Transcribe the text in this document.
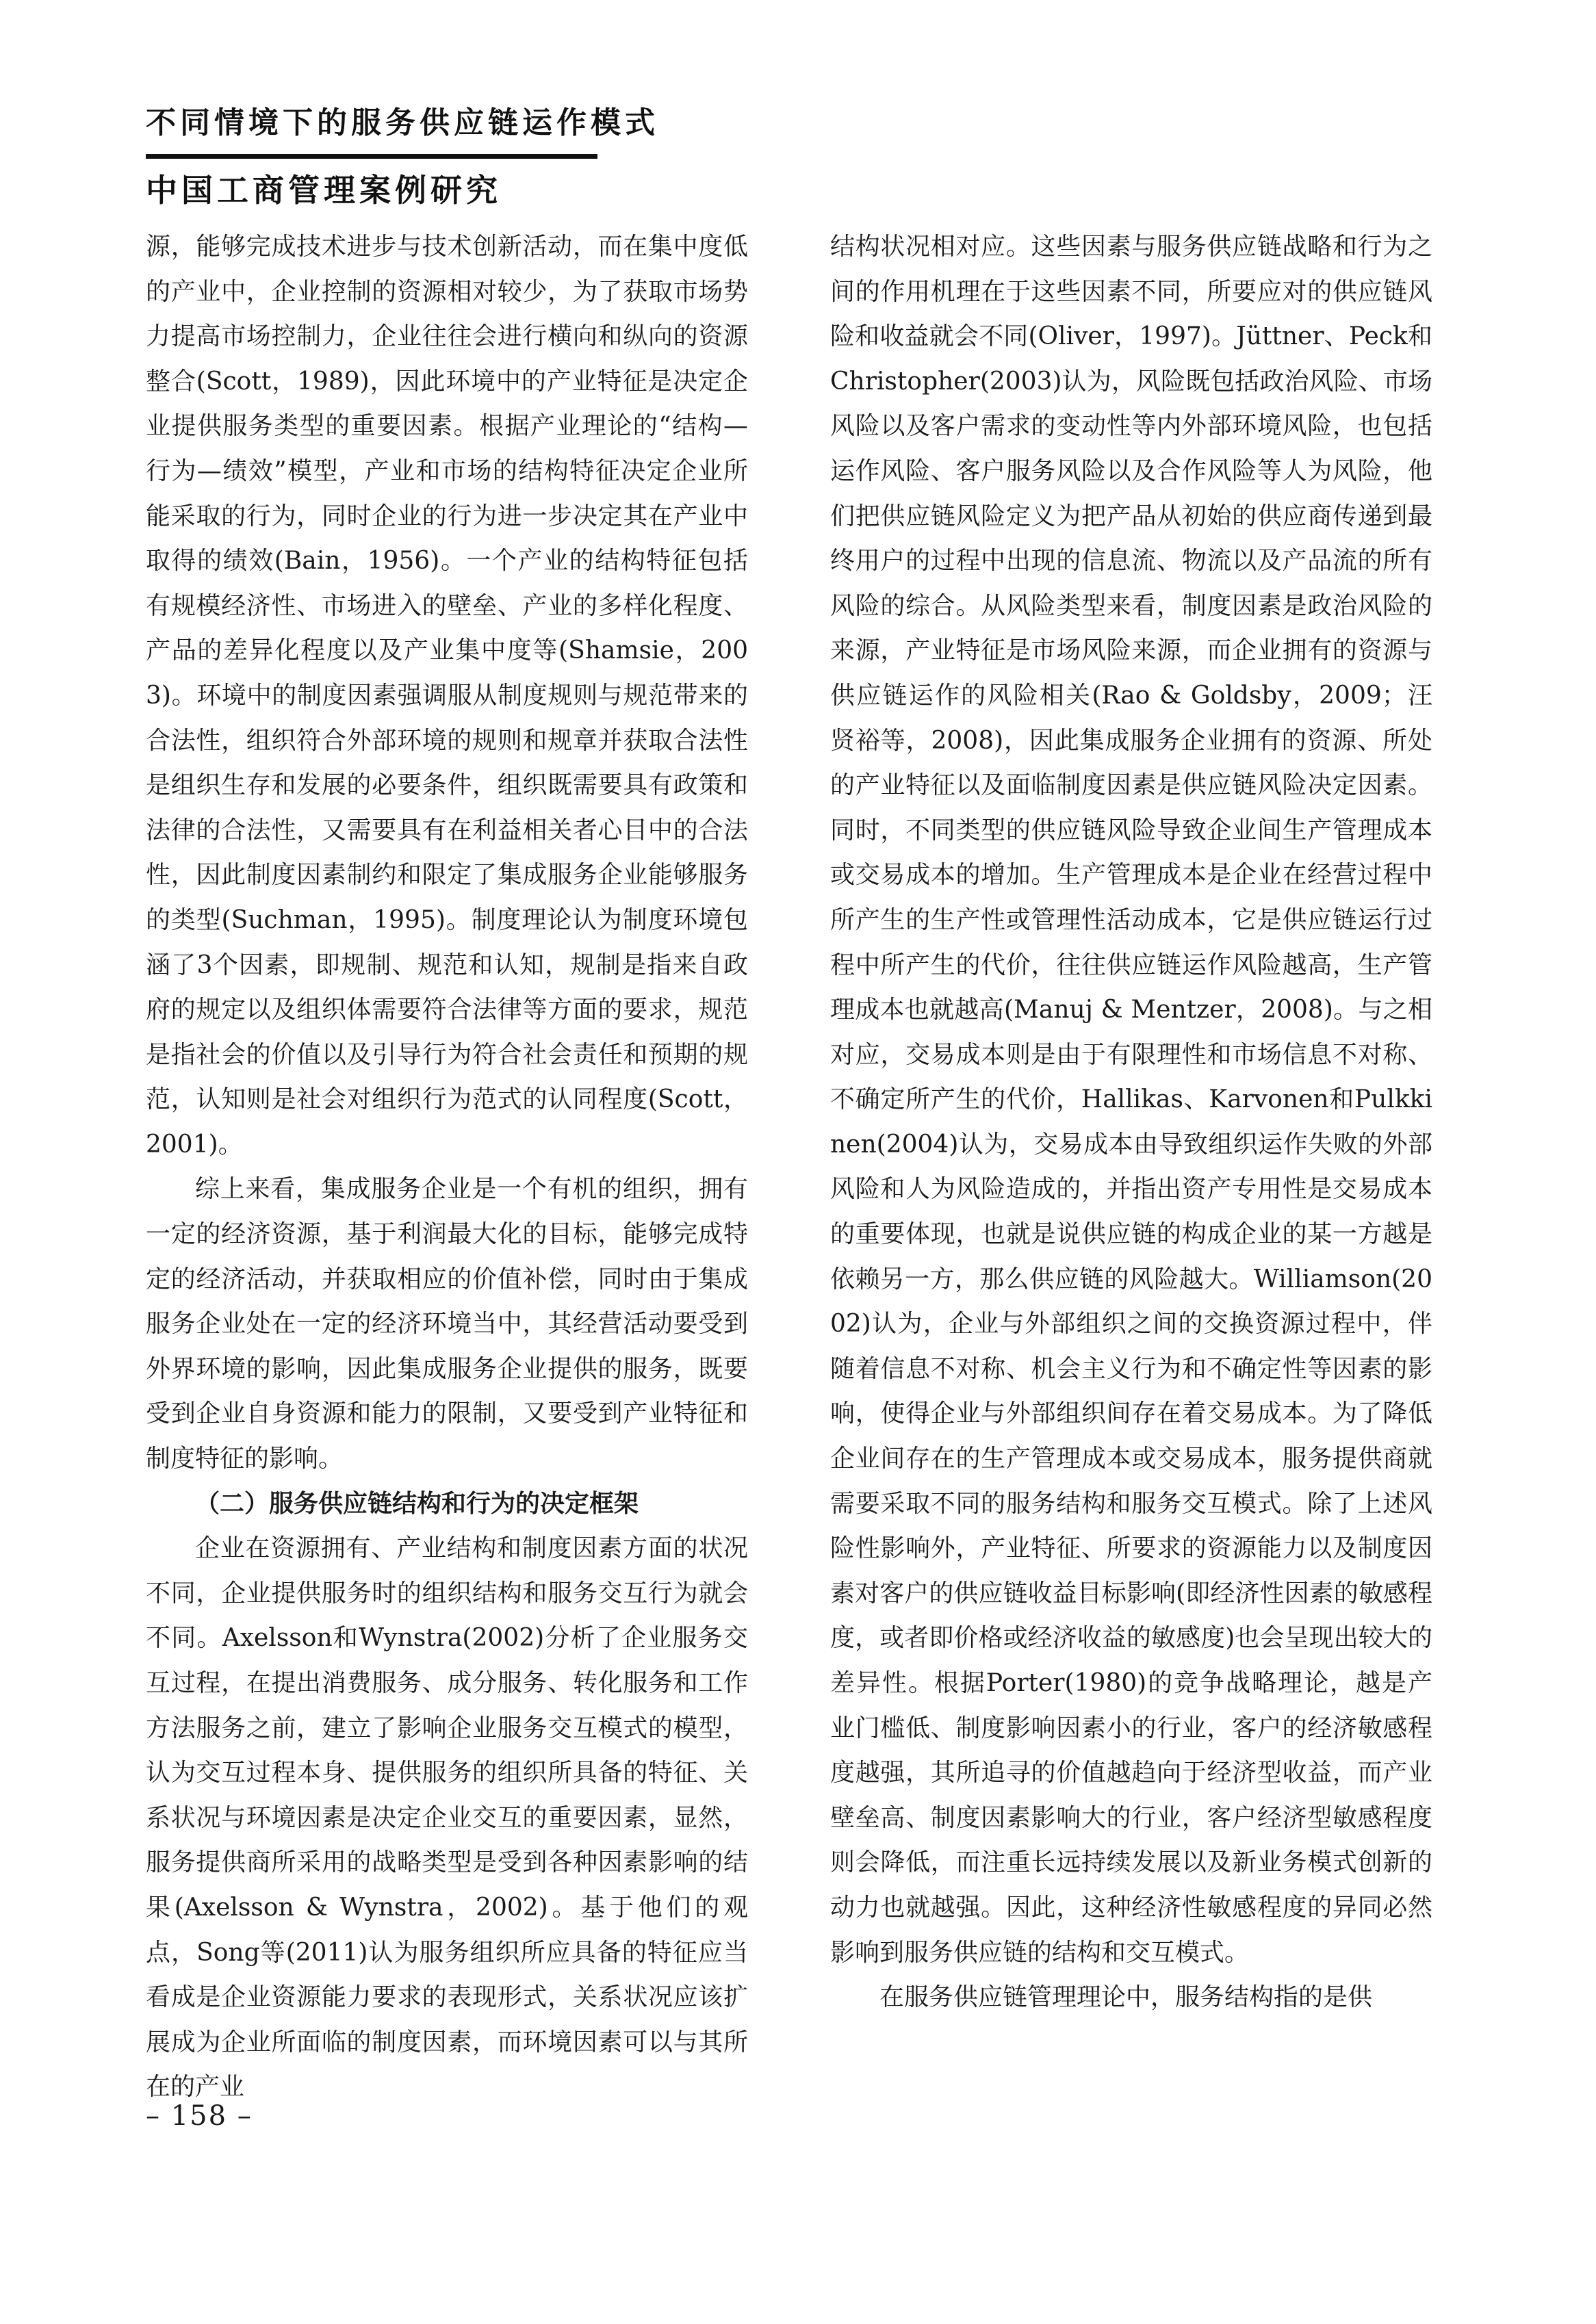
不同情境下的服务供应链运作模式
中国工商管理案例研究

源，能够完成技术进步与技术创新活动，而在集中度低的产业中，企业控制的资源相对较少，为了获取市场势力提高市场控制力，企业往往会进行横向和纵向的资源整合(Scott，1989)，因此环境中的产业特征是决定企业提供服务类型的重要因素。根据产业理论的“结构—行为—绩效”模型，产业和市场的结构特征决定企业所能采取的行为，同时企业的行为进一步决定其在产业中取得的绩效(Bain，1956)。一个产业的结构特征包括有规模经济性、市场进入的壁垒、产业的多样化程度、产品的差异化程度以及产业集中度等(Shamsie，2003)。环境中的制度因素强调服从制度规则与规范带来的合法性，组织符合外部环境的规则和规章并获取合法性是组织生存和发展的必要条件，组织既需要具有政策和法律的合法性，又需要具有在利益相关者心目中的合法性，因此制度因素制约和限定了集成服务企业能够服务的类型(Suchman，1995)。制度理论认为制度环境包涵了3个因素，即规制、规范和认知，规制是指来自政府的规定以及组织体需要符合法律等方面的要求，规范是指社会的价值以及引导行为符合社会责任和预期的规范，认知则是社会对组织行为范式的认同程度(Scott，2001)。

综上来看，集成服务企业是一个有机的组织，拥有一定的经济资源，基于利润最大化的目标，能够完成特定的经济活动，并获取相应的价值补偿，同时由于集成服务企业处在一定的经济环境当中，其经营活动要受到外界环境的影响，因此集成服务企业提供的服务，既要受到企业自身资源和能力的限制，又要受到产业特征和制度特征的影响。

（二）服务供应链结构和行为的决定框架

企业在资源拥有、产业结构和制度因素方面的状况不同，企业提供服务时的组织结构和服务交互行为就会不同。Axelsson和Wynstra(2002)分析了企业服务交互过程，在提出消费服务、成分服务、转化服务和工作方法服务之前，建立了影响企业服务交互模式的模型，认为交互过程本身、提供服务的组织所具备的特征、关系状况与环境因素是决定企业交互的重要因素，显然，服务提供商所采用的战略类型是受到各种因素影响的结果(Axelsson & Wynstra，2002)。基于他们的观点，Song等(2011)认为服务组织所应具备的特征应当看成是企业资源能力要求的表现形式，关系状况应该扩展成为企业所面临的制度因素，而环境因素可以与其所在的产业

结构状况相对应。这些因素与服务供应链战略和行为之间的作用机理在于这些因素不同，所要应对的供应链风险和收益就会不同(Oliver，1997)。Jüttner、Peck和Christopher(2003)认为，风险既包括政治风险、市场风险以及客户需求的变动性等内外部环境风险，也包括运作风险、客户服务风险以及合作风险等人为风险，他们把供应链风险定义为把产品从初始的供应商传递到最终用户的过程中出现的信息流、物流以及产品流的所有风险的综合。从风险类型来看，制度因素是政治风险的来源，产业特征是市场风险来源，而企业拥有的资源与供应链运作的风险相关(Rao & Goldsby，2009；汪贤裕等，2008)，因此集成服务企业拥有的资源、所处的产业特征以及面临制度因素是供应链风险决定因素。同时，不同类型的供应链风险导致企业间生产管理成本或交易成本的增加。生产管理成本是企业在经营过程中所产生的生产性或管理性活动成本，它是供应链运行过程中所产生的代价，往往供应链运作风险越高，生产管理成本也就越高(Manuj & Mentzer，2008)。与之相对应，交易成本则是由于有限理性和市场信息不对称、不确定所产生的代价，Hallikas、Karvonen和Pulkkinen(2004)认为，交易成本由导致组织运作失败的外部风险和人为风险造成的，并指出资产专用性是交易成本的重要体现，也就是说供应链的构成企业的某一方越是依赖另一方，那么供应链的风险越大。Williamson(2002)认为，企业与外部组织之间的交换资源过程中，伴随着信息不对称、机会主义行为和不确定性等因素的影响，使得企业与外部组织间存在着交易成本。为了降低企业间存在的生产管理成本或交易成本，服务提供商就需要采取不同的服务结构和服务交互模式。除了上述风险性影响外，产业特征、所要求的资源能力以及制度因素对客户的供应链收益目标影响(即经济性因素的敏感程度，或者即价格或经济收益的敏感度)也会呈现出较大的差异性。根据Porter(1980)的竞争战略理论，越是产业门槛低、制度影响因素小的行业，客户的经济敏感程度越强，其所追寻的价值越趋向于经济型收益，而产业壁垒高、制度因素影响大的行业，客户经济型敏感程度则会降低，而注重长远持续发展以及新业务模式创新的动力也就越强。因此，这种经济性敏感程度的异同必然影响到服务供应链的结构和交互模式。

在服务供应链管理理论中，服务结构指的是供

– 158 –
